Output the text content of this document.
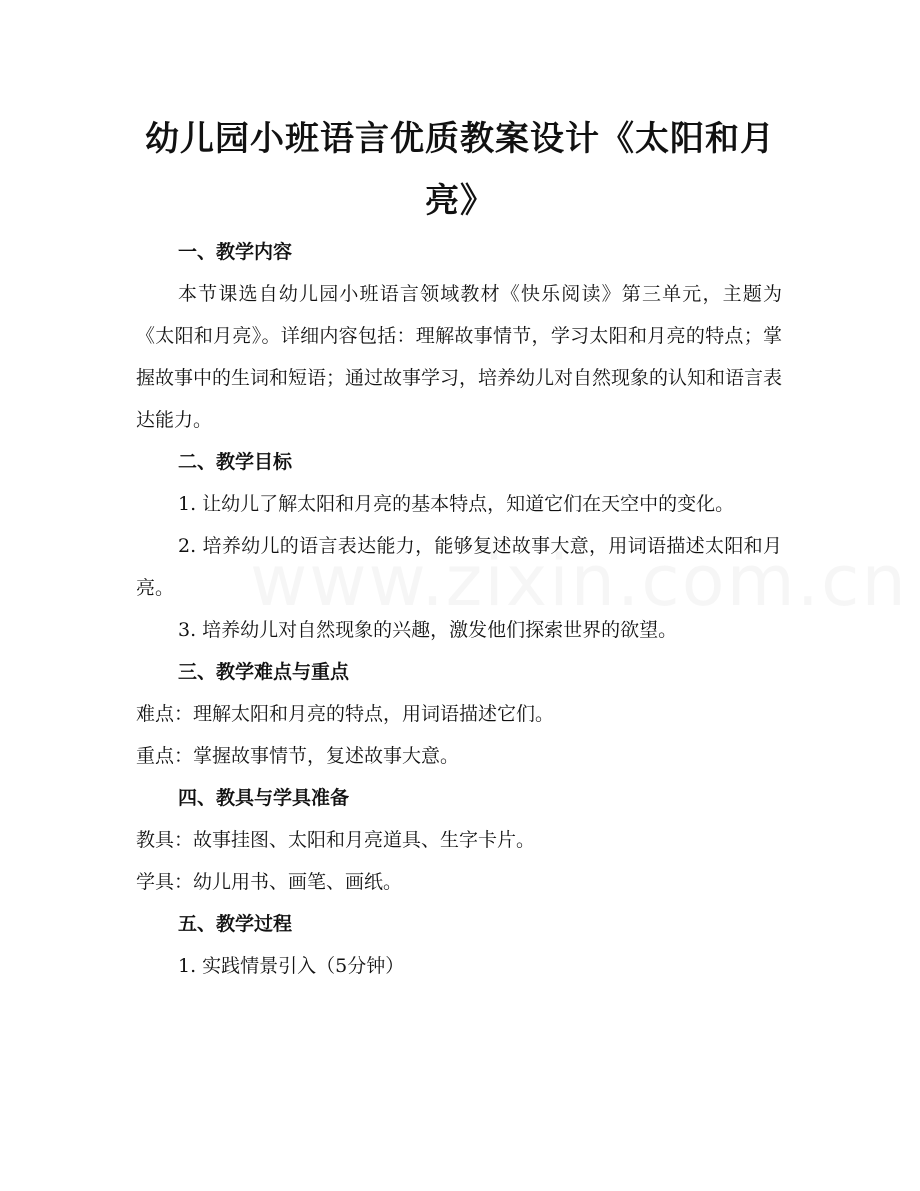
幼儿园小班语言优质教案设计《太阳和月亮》
一、教学内容

本节课选自幼儿园小班语言领域教材《快乐阅读》第三单元，主题为《太阳和月亮》。详细内容包括：理解故事情节，学习太阳和月亮的特点；掌握故事中的生词和短语；通过故事学习，培养幼儿对自然现象的认知和语言表达能力。

二、教学目标

1. 让幼儿了解太阳和月亮的基本特点，知道它们在天空中的变化。

2. 培养幼儿的语言表达能力，能够复述故事大意，用词语描述太阳和月亮。

3. 培养幼儿对自然现象的兴趣，激发他们探索世界的欲望。

三、教学难点与重点

难点：理解太阳和月亮的特点，用词语描述它们。

重点：掌握故事情节，复述故事大意。

四、教具与学具准备

教具：故事挂图、太阳和月亮道具、生字卡片。

学具：幼儿用书、画笔、画纸。

五、教学过程

1. 实践情景引入（5分钟）
